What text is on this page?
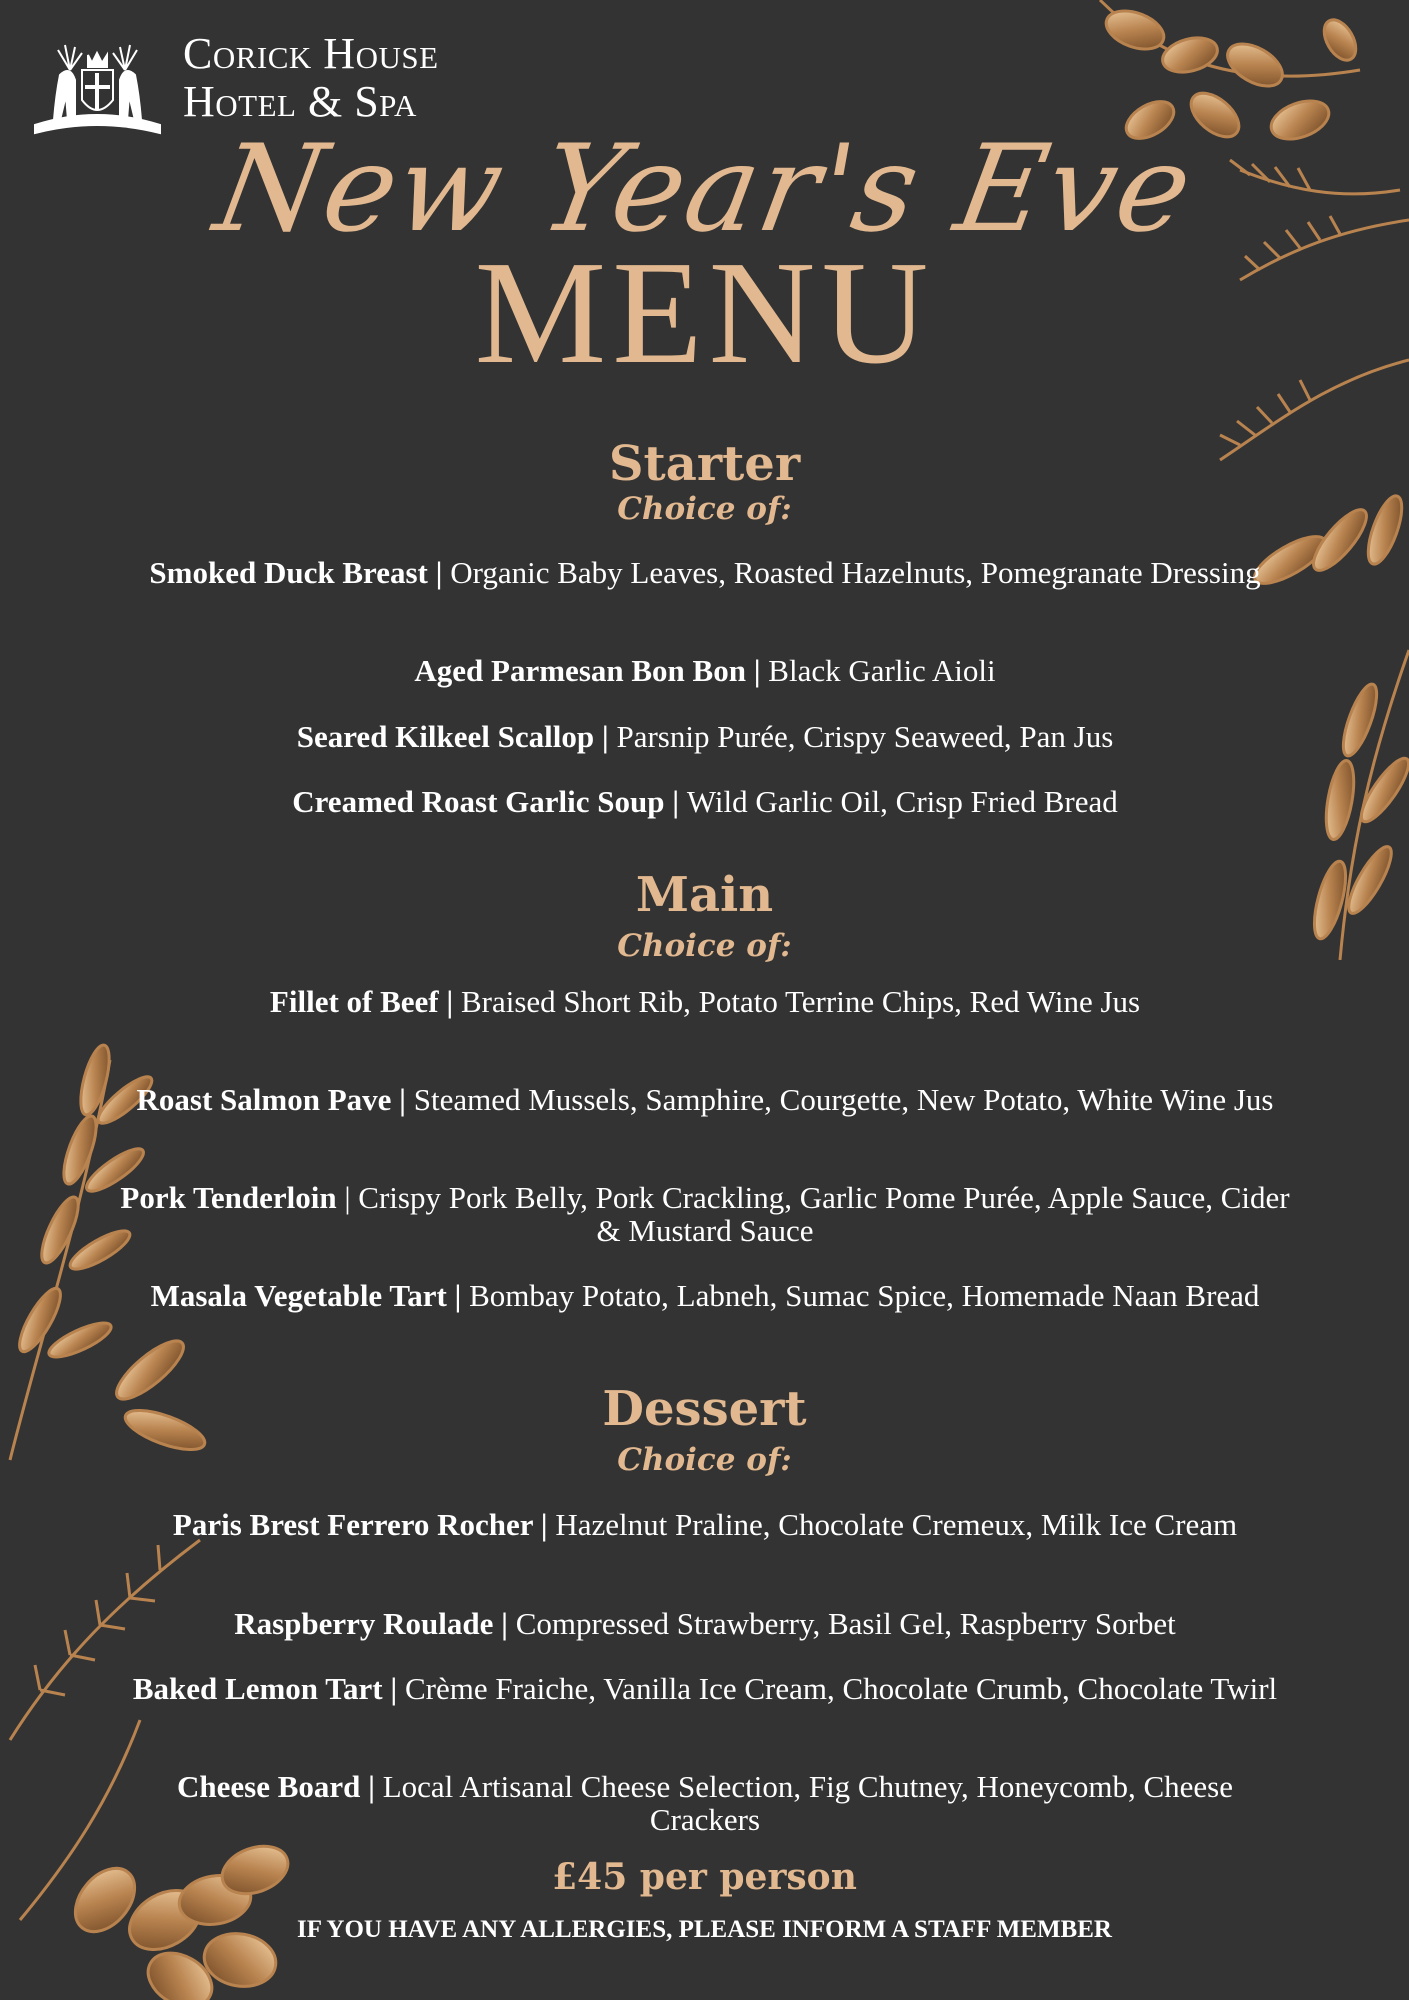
Corick House
Hotel & Spa
New Year's Eve
MENU
Starter
Choice of:
Smoked Duck Breast | Organic Baby Leaves, Roasted Hazelnuts, Pomegranate Dressing
Aged Parmesan Bon Bon | Black Garlic Aioli
Seared Kilkeel Scallop | Parsnip Purée, Crispy Seaweed, Pan Jus
Creamed Roast Garlic Soup | Wild Garlic Oil, Crisp Fried Bread
Main
Choice of:
Fillet of Beef | Braised Short Rib, Potato Terrine Chips, Red Wine Jus
Roast Salmon Pave | Steamed Mussels, Samphire, Courgette, New Potato, White Wine Jus
Pork Tenderloin | Crispy Pork Belly, Pork Crackling, Garlic Pome Purée, Apple Sauce, Cider & Mustard Sauce
Masala Vegetable Tart | Bombay Potato, Labneh, Sumac Spice, Homemade Naan Bread
Dessert
Choice of:
Paris Brest Ferrero Rocher | Hazelnut Praline, Chocolate Cremeux, Milk Ice Cream
Raspberry Roulade | Compressed Strawberry, Basil Gel, Raspberry Sorbet
Baked Lemon Tart | Crème Fraiche, Vanilla Ice Cream, Chocolate Crumb, Chocolate Twirl
Cheese Board | Local Artisanal Cheese Selection, Fig Chutney, Honeycomb, Cheese Crackers
£45 per person
IF YOU HAVE ANY ALLERGIES, PLEASE INFORM A STAFF MEMBER
